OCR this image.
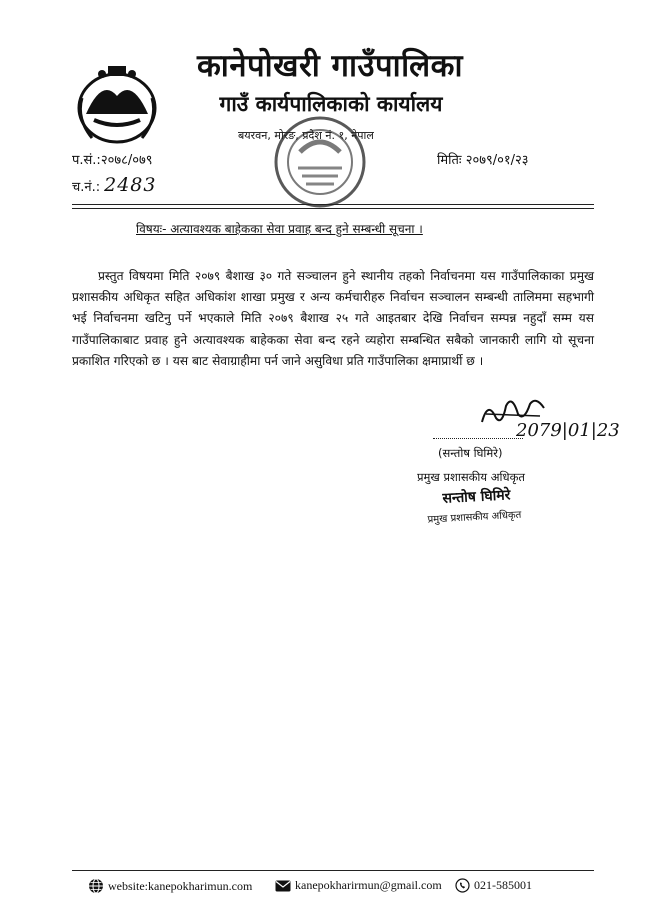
कानेपोखरी गाउँपालिका
गाउँ कार्यपालिकाको कार्यालय
बयरवन, मोरङ, प्रदेश नं. १, नेपाल
प.सं.:२०७८/०७९	मितिः २०७९/०१/२३
च.नं.: 2483
विषयः- अत्यावश्यक बाहेकका सेवा प्रवाह बन्द हुने सम्बन्धी सूचना ।
प्रस्तुत विषयमा मिति २०७९ बैशाख ३० गते सञ्चालन हुने स्थानीय तहको निर्वाचनमा यस गाउँपालिकाका प्रमुख प्रशासकीय अधिकृत सहित अधिकांश शाखा प्रमुख र अन्य कर्मचारीहरु निर्वाचन सञ्चालन सम्बन्धी तालिममा सहभागी भई निर्वाचनमा खटिनु पर्ने भएकाले मिति २०७९ बैशाख २५ गते आइतबार देखि निर्वाचन सम्पन्न नहुदाँ सम्म यस गाउँपालिकाबाट प्रवाह हुने अत्यावश्यक बाहेकका सेवा बन्द रहने व्यहोरा सम्बन्धित सबैको जानकारी लागि यो सूचना प्रकाशित गरिएको छ । यस बाट सेवाग्राहीमा पर्न जाने असुविधा प्रति गाउँपालिका क्षमाप्रार्थी छ ।
2079|01|23
(सन्तोष घिमिरे)
प्रमुख प्रशासकीय अधिकृत
सन्तोष घिमिरे
प्रमुख प्रशासकीय अधिकृत
website:kanepokharimun.com	kanepokharirmun@gmail.com	021-585001
